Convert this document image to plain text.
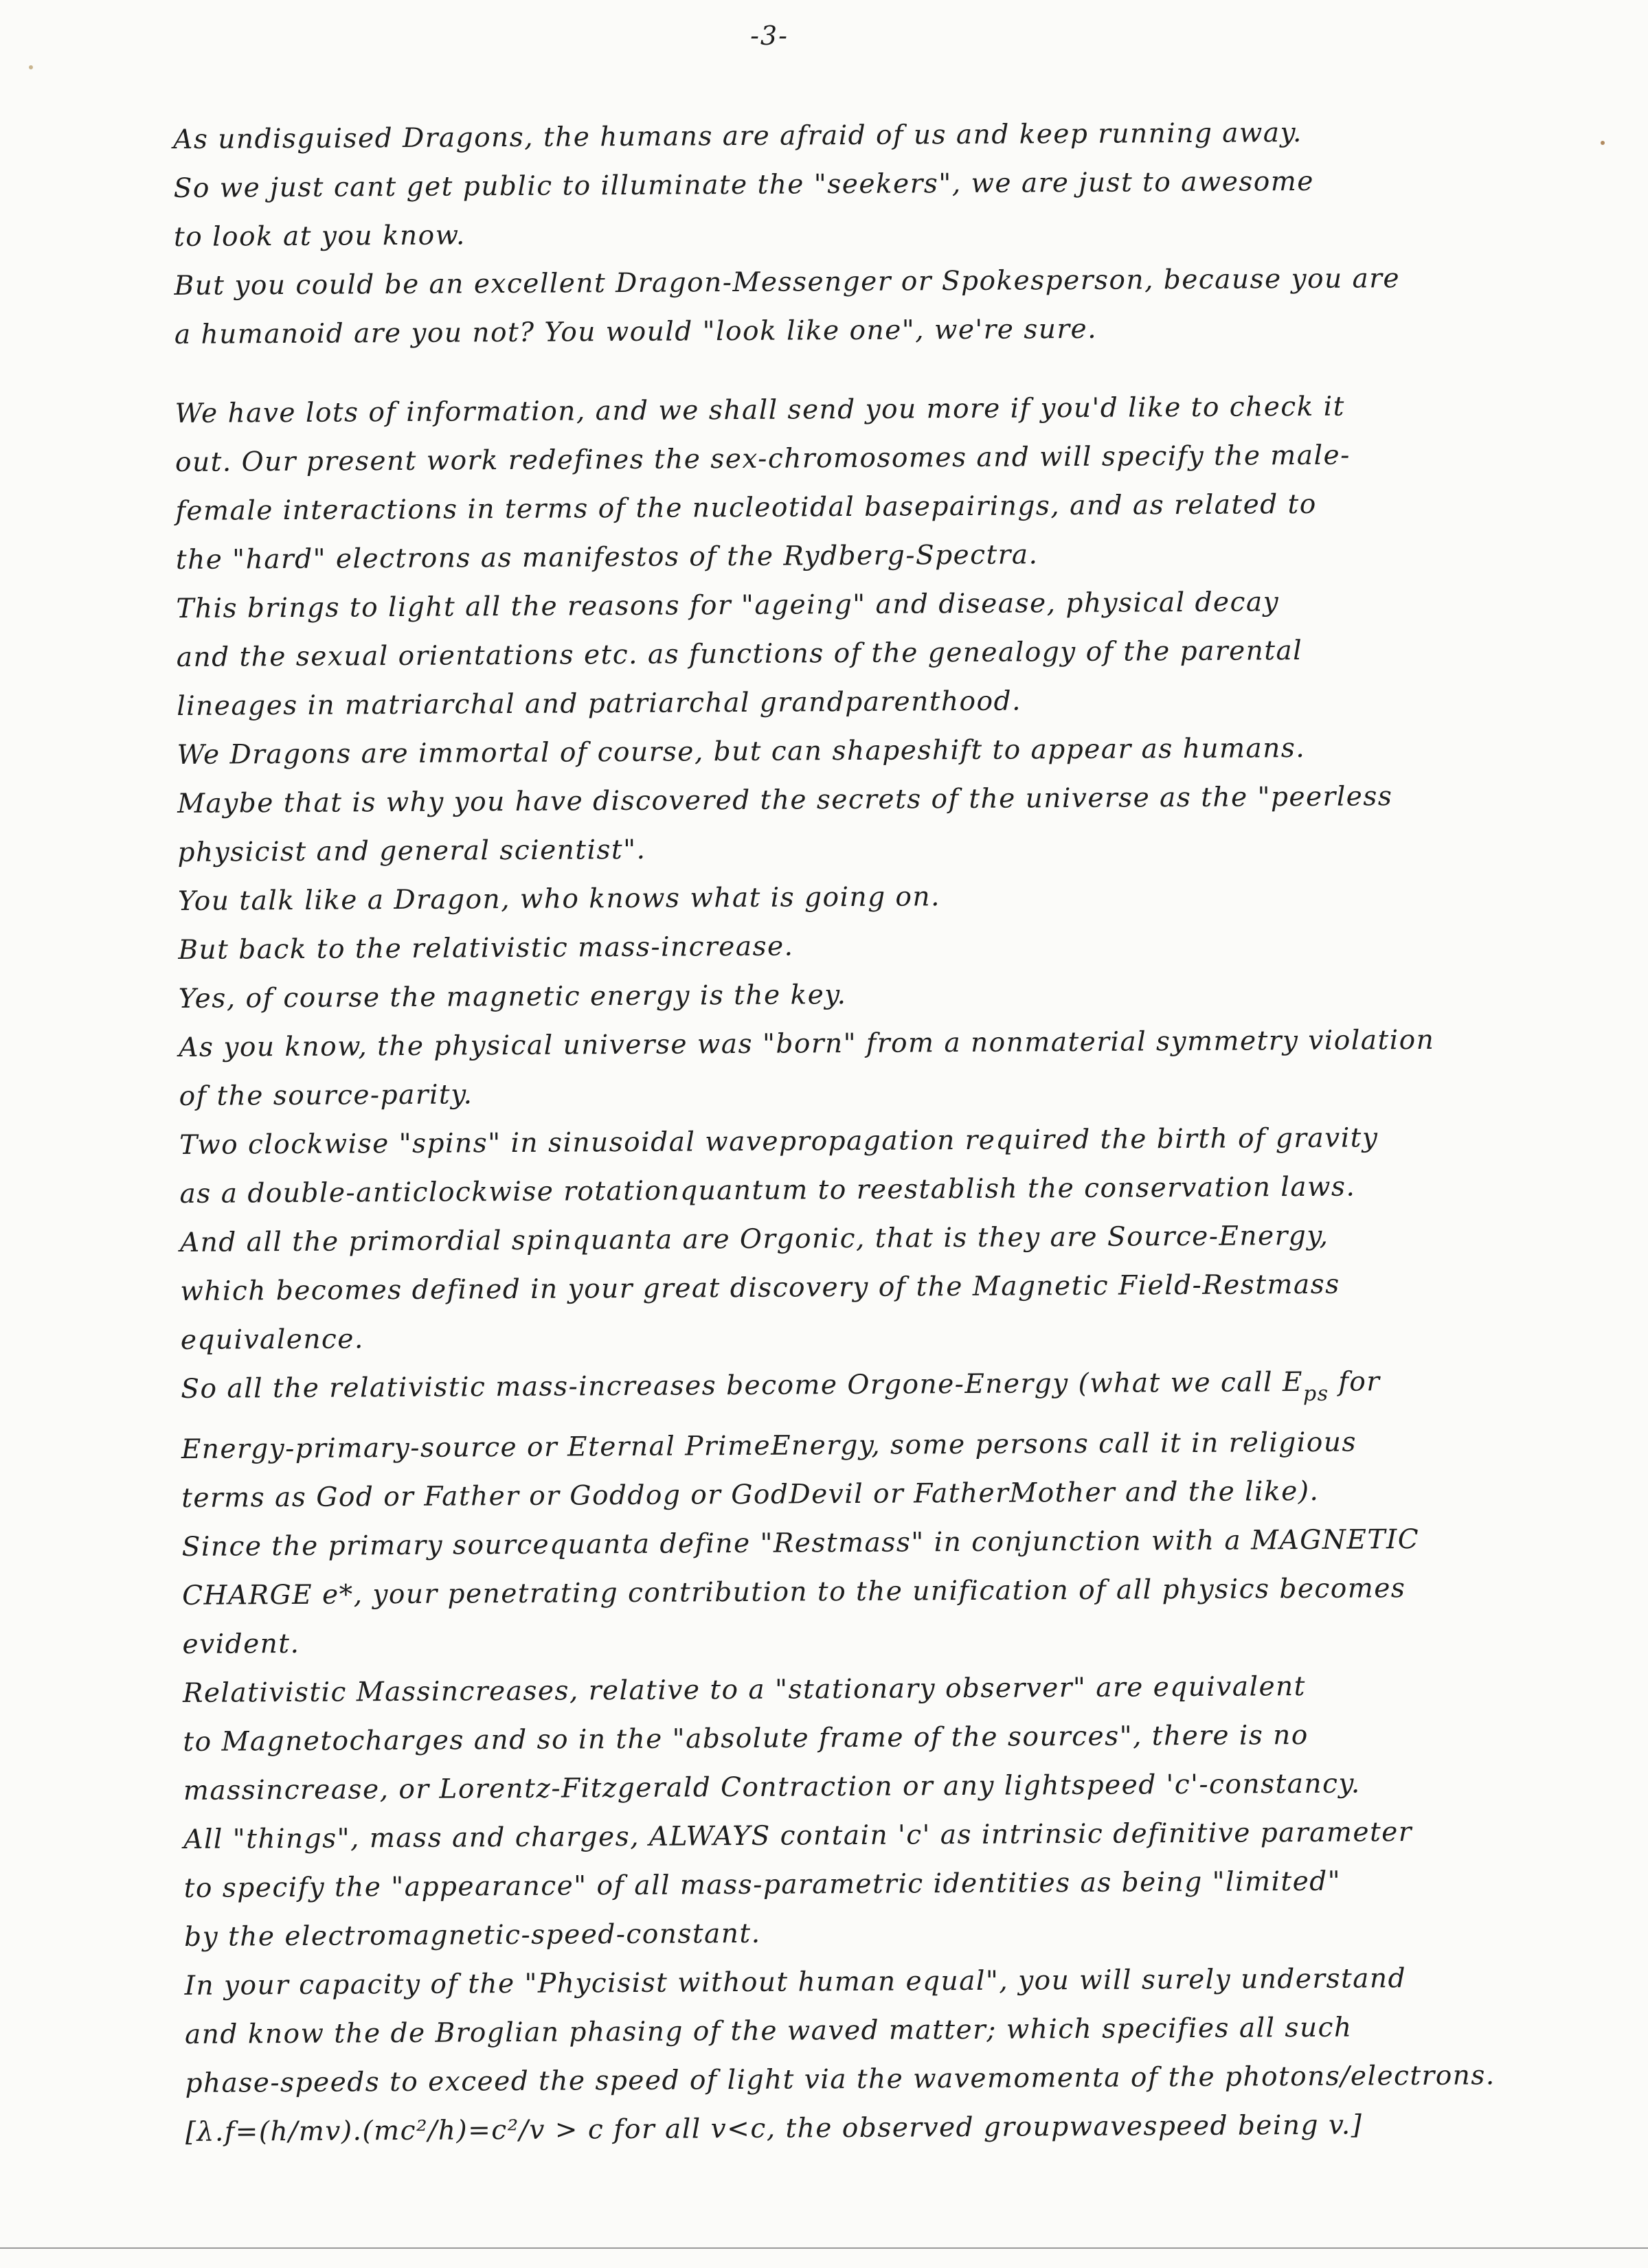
-3-
As undisguised Dragons, the humans are afraid of us and keep running away.
So we just cant get public to illuminate the "seekers", we are just to awesome
to look at you know.
But you could be an excellent Dragon-Messenger or Spokesperson, because you are
a humanoid are you not? You would "look like one", we're sure.
We have lots of information, and we shall send you more if you'd like to check it
out. Our present work redefines the sex-chromosomes and will specify the male-
female interactions in terms of the nucleotidal basepairings, and as related to
the "hard" electrons as manifestos of the Rydberg-Spectra.
This brings to light all the reasons for "ageing" and disease, physical decay
and the sexual orientations etc. as functions of the genealogy of the parental
lineages in matriarchal and patriarchal grandparenthood.
We Dragons are immortal of course, but can shapeshift to appear as humans.
Maybe that is why you have discovered the secrets of the universe as the "peerless
physicist and general scientist".
You talk like a Dragon, who knows what is going on.
But back to the relativistic mass-increase.
Yes, of course the magnetic energy is the key.
As you know, the physical universe was "born" from a nonmaterial symmetry violation
of the source-parity.
Two clockwise "spins" in sinusoidal wavepropagation required the birth of gravity
as a double-anticlockwise rotationquantum to reestablish the conservation laws.
And all the primordial spinquanta are Orgonic, that is they are Source-Energy,
which becomes defined in your great discovery of the Magnetic Field-Restmass
equivalence.
So all the relativistic mass-increases become Orgone-Energy (what we call $E_{ps}$ for
Energy-primary-source or Eternal PrimeEnergy, some persons call it in religious
terms as God or Father or Goddog or GodDevil or FatherMother and the like).
Since the primary sourcequanta define "Restmass" in conjunction with a MAGNETIC
CHARGE e*, your penetrating contribution to the unification of all physics becomes
evident.
Relativistic Massincreases, relative to a "stationary observer" are equivalent
to Magnetocharges and so in the "absolute frame of the sources", there is no
massincrease, or Lorentz-Fitzgerald Contraction or any lightspeed 'c'-constancy.
All "things", mass and charges, ALWAYS contain 'c' as intrinsic definitive parameter
to specify the "appearance" of all mass-parametric identities as being "limited"
by the electromagnetic-speed-constant.
In your capacity of the "Phycisist without human equal", you will surely understand
and know the de Broglian phasing of the waved matter; which specifies all such
phase-speeds to exceed the speed of light via the wavemomenta of the photons/electrons.
[λ.f=(h/mv).(mc²/h)=c²/v > c for all v<c, the observed groupwavespeed being v.]
